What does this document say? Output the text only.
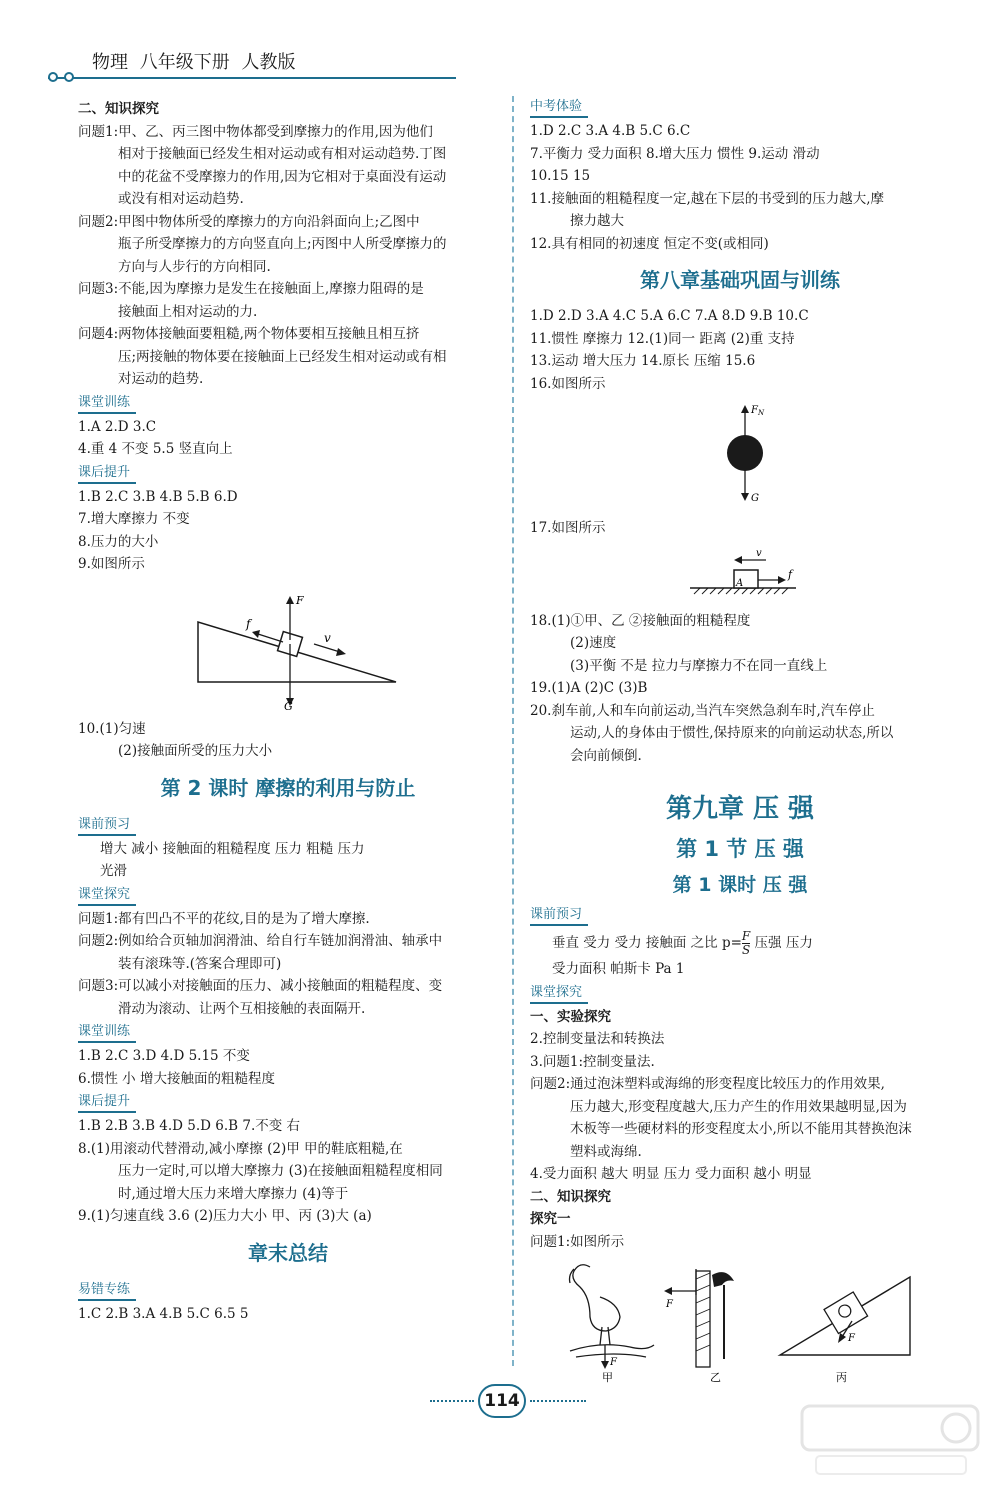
物理 八年级下册 人教版
二、知识探究
问题1:甲、乙、丙三图中物体都受到摩擦力的作用,因为他们
相对于接触面已经发生相对运动或有相对运动趋势.丁图
中的花盆不受摩擦力的作用,因为它相对于桌面没有运动
或没有相对运动趋势.
问题2:甲图中物体所受的摩擦力的方向沿斜面向上;乙图中
瓶子所受摩擦力的方向竖直向上;丙图中人所受摩擦力的
方向与人步行的方向相同.
问题3:不能,因为摩擦力是发生在接触面上,摩擦力阻碍的是
接触面上相对运动的力.
问题4:两物体接触面要粗糙,两个物体要相互接触且相互挤
压;两接触的物体要在接触面上已经发生相对运动或有相
对运动的趋势.
课堂训练
1.A 2.D 3.C
4.重 4 不变 5.5 竖直向上
课后提升
1.B 2.C 3.B 4.B 5.B 6.D
7.增大摩擦力 不变
8.压力的大小
9.如图所示
F
f
v
G
10.(1)匀速
(2)接触面所受的压力大小
第 2 课时 摩擦的利用与防止
课前预习
增大 减小 接触面的粗糙程度 压力 粗糙 压力
光滑
课堂探究
问题1:都有凹凸不平的花纹,目的是为了增大摩擦.
问题2:例如给合页轴加润滑油、给自行车链加润滑油、轴承中
装有滚珠等.(答案合理即可)
问题3:可以减小对接触面的压力、减小接触面的粗糙程度、变
滑动为滚动、让两个互相接触的表面隔开.
课堂训练
1.B 2.C 3.D 4.D 5.15 不变
6.惯性 小 增大接触面的粗糙程度
课后提升
1.B 2.B 3.B 4.D 5.D 6.B 7.不变 右
8.(1)用滚动代替滑动,减小摩擦 (2)甲 甲的鞋底粗糙,在
压力一定时,可以增大摩擦力 (3)在接触面粗糙程度相同
时,通过增大压力来增大摩擦力 (4)等于
9.(1)匀速直线 3.6 (2)压力大小 甲、丙 (3)大 (a)
章末总结
易错专练
1.C 2.B 3.A 4.B 5.C 6.5 5
中考体验
1.D 2.C 3.A 4.B 5.C 6.C
7.平衡力 受力面积 8.增大压力 惯性 9.运动 滑动
10.15 15
11.接触面的粗糙程度一定,越在下层的书受到的压力越大,摩
擦力越大
12.具有相同的初速度 恒定不变(或相同)
第八章基础巩固与训练
1.D 2.D 3.A 4.C 5.A 6.C 7.A 8.D 9.B 10.C
11.惯性 摩擦力 12.(1)同一 距离 (2)重 支持
13.运动 增大压力 14.原长 压缩 15.6
16.如图所示
$F_N$
G
17.如图所示
v
A
f
18.(1)①甲、乙 ②接触面的粗糙程度
(2)速度
(3)平衡 不是 拉力与摩擦力不在同一直线上
19.(1)A (2)C (3)B
20.刹车前,人和车向前运动,当汽车突然急刹车时,汽车停止
运动,人的身体由于惯性,保持原来的向前运动状态,所以
会向前倾倒.
第九章 压 强
第 1 节 压 强
第 1 课时 压 强
课前预习
垂直 受力 受力 接触面 之比 $p= \frac{F}{S}$ 压强 压力
受力面积 帕斯卡 Pa 1
课堂探究
一、实验探究
2.控制变量法和转换法
3.问题1:控制变量法.
问题2:通过泡沫塑料或海绵的形变程度比较压力的作用效果,
压力越大,形变程度越大,压力产生的作用效果越明显,因为
木板等一些硬材料的形变程度太小,所以不能用其替换泡沫
塑料或海绵.
4.受力面积 越大 明显 压力 受力面积 越小 明显
二、知识探究
探究一
问题1:如图所示
F
甲
F
乙
F
丙
114
